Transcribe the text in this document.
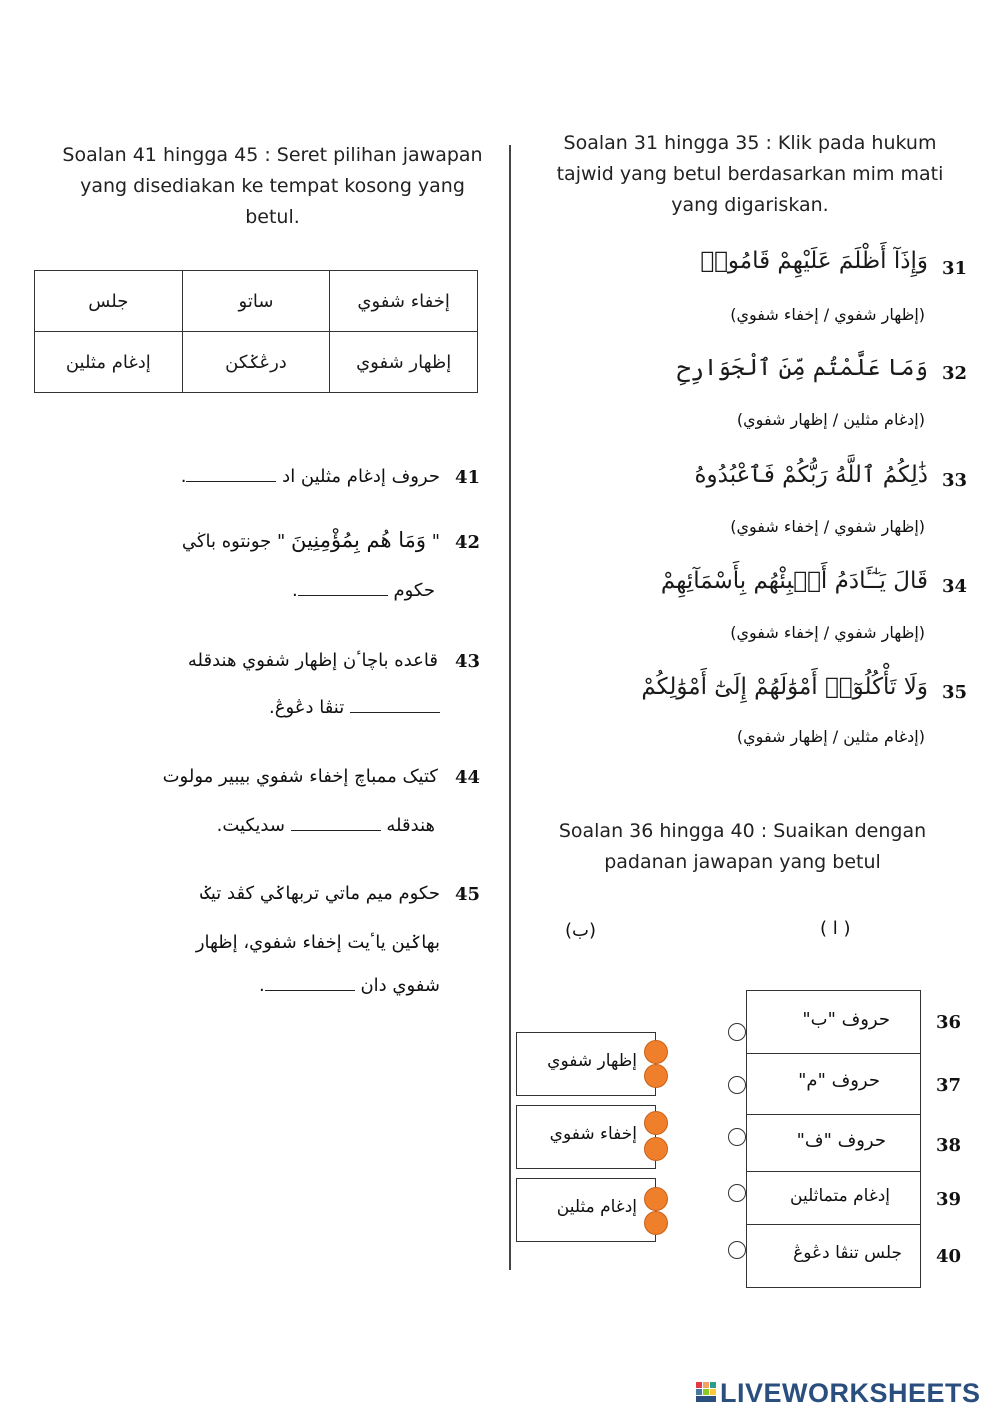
Soalan 41 hingga 45 : Seret pilihan jawapan yang disediakan ke tempat kosong yang betul.
جلس	ساتو	إخفاء شفوي
إدغام مثلين	درڠݢكن	إظهار شفوي
41
حروف إدغام مثلين اد .
42
" وَمَا هُم بِمُؤْمِنِينَ " جونتوه باڬي
حكوم .
43
قاعده باچاٴن إظهار شفوي هندقله
تنڤا دڠوڠ.
44
كتيک ممباچ إخفاء شفوي بيبير مولوت
هندقله  سديكيت.
45
حكوم ميم ماتي تربهاݢي كڤد تيݢ
بهاݢين ياٴيت إخفاء شفوي، إظهار
شفوي دان .
Soalan 31 hingga 35 : Klik pada hukum tajwid yang betul berdasarkan mim mati yang digariskan.
31
وَإِذَآ أَظْلَمَ عَلَيْهِمْ قَامُوا۟
(إظهار شفوي / إخفاء شفوي)
32
وَمَا عَلَّمْتُم مِّنَ ٱلْجَوَارِحِ
(إدغام مثلين / إظهار شفوي)
33
ذَٰلِكُمُ ٱللَّهُ رَبُّكُمْ فَٱعْبُدُوهُ
(إظهار شفوي / إخفاء شفوي)
34
قَالَ يَـٰٓـَٔادَمُ أَنۢبِئْهُم بِأَسْمَآئِهِمْ
(إظهار شفوي / إخفاء شفوي)
35
وَلَا تَأْكُلُوٓا۟ أَمْوَٰلَهُمْ إِلَىٰٓ أَمْوَٰلِكُمْ
(إدغام مثلين / إظهار شفوي)
Soalan 36 hingga 40 : Suaikan dengan padanan jawapan yang betul
(ب)	( ا )
حروف "ب"
حروف "م"
حروف "ف"
إدغام متماثلين
جلس تنڤا دڠوڠ
36
37
38
39
40
إظهار شفوي
إخفاء شفوي
إدغام مثلين
LIVEWORKSHEETS
